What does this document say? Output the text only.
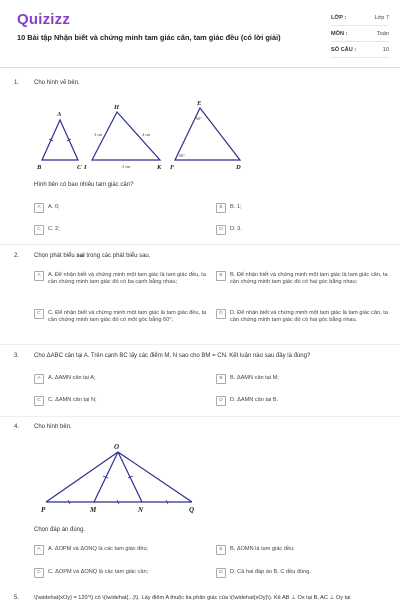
Quizizz
10 Bài tập Nhận biết và chứng minh tam giác cân, tam giác đều (có lời giải)
LỚP :	Lớp 7
MÔN :	Toán
SỐ CÂU :	10
1. Cho hình vẽ bên.
A
B	C
H
I	K
E
F	D
3 cm	4 cm
3 cm
60°
60°
Hình bên có bao nhiêu tam giác cân?
A	A. 0;	B	B. 1;
C	C. 2;	D	D. 3.
2. Chọn phát biểu sai trong các phát biểu sau.
A	A. Để nhận biết và chứng minh một tam giác là tam giác đều, ta cần chứng minh tam giác đó có ba cạnh bằng nhau;
B	B. Để nhận biết và chứng minh một tam giác là tam giác cân, ta cần chứng minh tam giác đó có hai góc bằng nhau;
C	C. Để nhận biết và chứng minh một tam giác là tam giác đều, ta cần chứng minh tam giác đó có một góc bằng 60°;
D	D. Để nhận biết và chứng minh một tam giác là tam giác cân, ta cần chứng minh tam giác đó có hai góc bằng nhau.
3. Cho ΔABC cân tại A. Trên cạnh BC lấy các điểm M, N sao cho BM = CN. Kết luận nào sau đây là đúng?
A	A. ΔAMN cân tại A;	B	B. ΔAMN cân tại M;
C	C. ΔAMN cân tại N;	D	D. ΔAMN cân tại B.
4. Cho hình bên.
O
P	M	N	Q
Chọn đáp án đúng.
A	A. ΔOPM và ΔONQ là các tam giác đều;	B	B. ΔOMN là tam giác đều;
C	C. ΔOPM và ΔONQ là các tam giác cân;	D	D. Cả hai đáp án B, C đều đúng.
5.	\(\widehat{xOy} = 120°\) có \(\widehat{...}\). Lấy điểm A thuộc tia phân giác của \(\widehat{xOy}\). Kẻ AB ⊥ Ox tại B, AC ⊥ Oy tại
